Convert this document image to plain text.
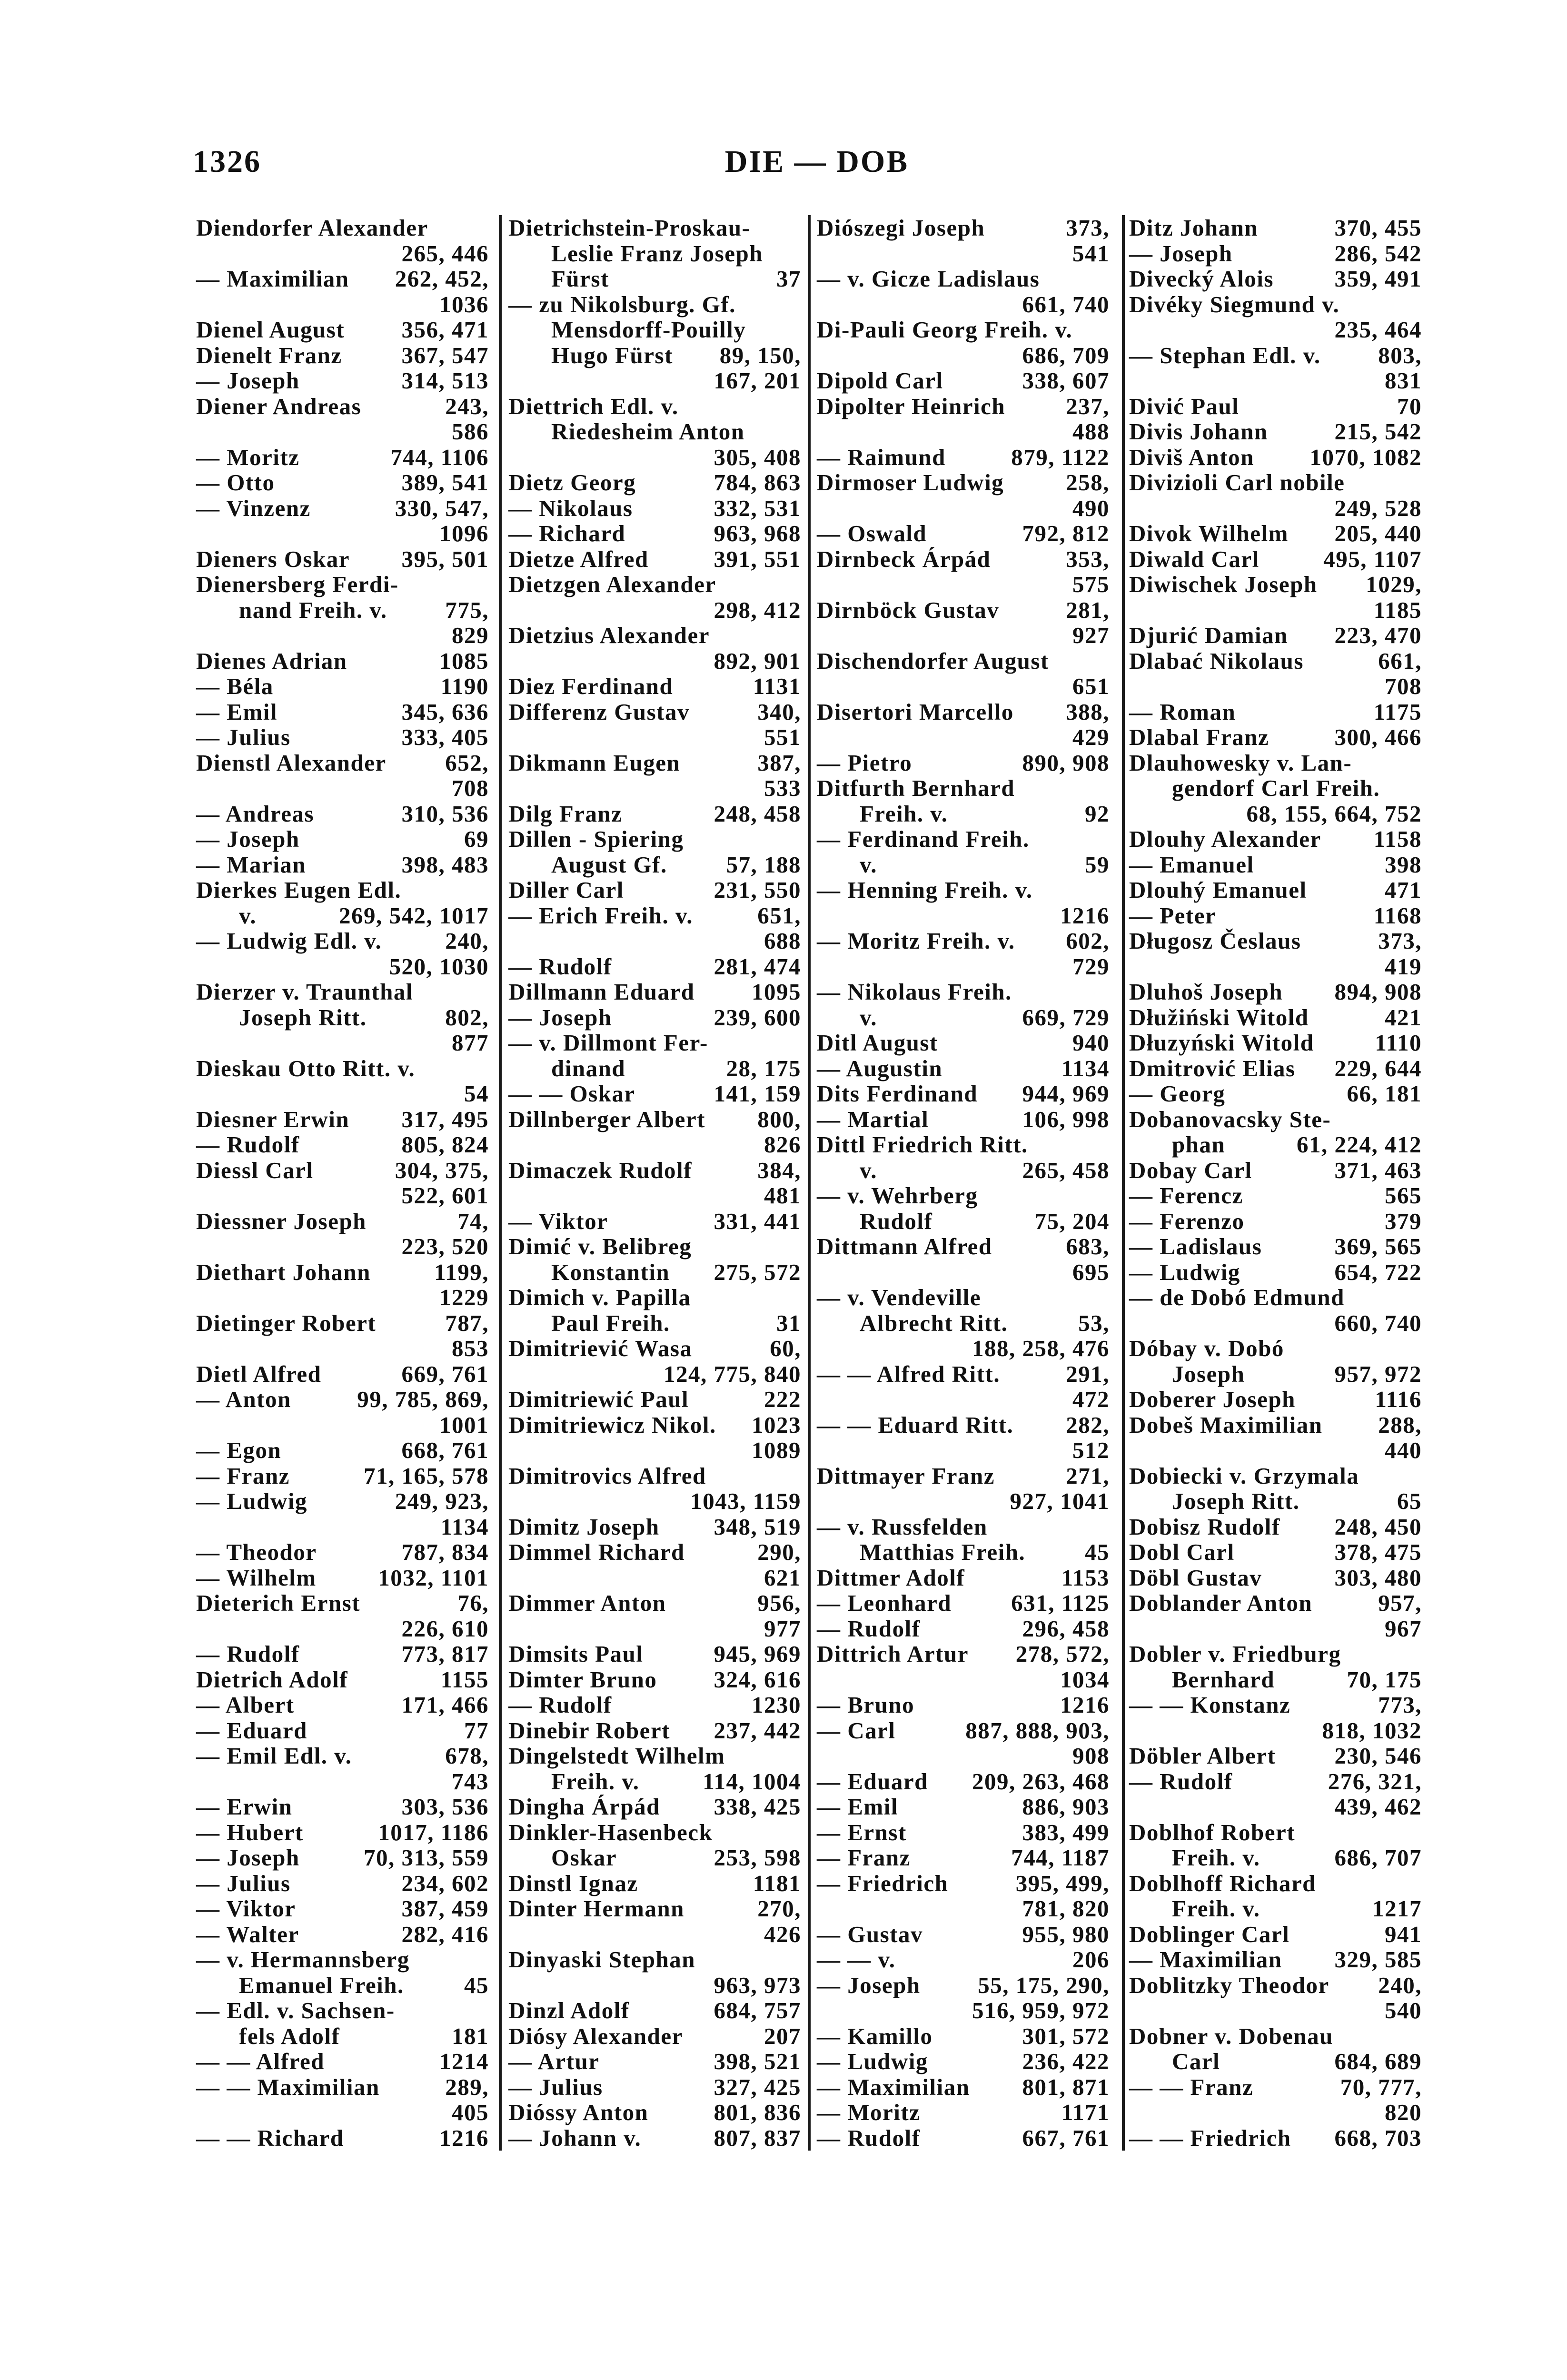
1326	DIE — DOB
Diendorfer Alexander
265, 446
— Maximilian 262, 452,
1036
Dienel August 356, 471
Dienelt Franz	367, 547
— Joseph	314, 513
Diener Andreas	243,
586
— Moritz	744, 1106
— Otto	389, 541
— Vinzenz	330, 547,
1096
Dieners Oskar 395, 501
Dienersberg Ferdi-
nand Freih. v. 775,
829
Dienes Adrian	1085
— Béla	1190
— Emil	345, 636
— Julius	333, 405
Dienstl Alexander	652,
708
— Andreas	310, 536
— Joseph	69
— Marian	398, 483
Dierkes Eugen Edl.
v.	269, 542, 1017
— Ludwig Edl. v.	240,
520, 1030
Dierzer v. Traunthal
Joseph Ritt.	802,
877
Dieskau Otto Ritt. v.
54
Diesner Erwin 317, 495
— Rudolf	805, 824
Diessl Carl	304, 375,
522, 601
Diessner Joseph	74,
223, 520
Diethart Johann	1199,
1229
Dietinger Robert	787,
853
Dietl Alfred	669, 761
— Anton	99, 785, 869,
1001
— Egon	668, 761
— Franz	71, 165, 578
— Ludwig	249, 923,
1134
— Theodor	787, 834
— Wilhelm	1032, 1101
Dieterich Ernst	76,
226, 610
— Rudolf	773, 817
Dietrich Adolf	1155
— Albert	171, 466
— Eduard	77
— Emil Edl. v.	678,
743
— Erwin	303, 536
— Hubert	1017, 1186
— Joseph	70, 313, 559
— Julius	234, 602
— Viktor	387, 459
— Walter	282, 416
— v. Hermannsberg
Emanuel Freih.	45
— Edl. v. Sachsen-
fels Adolf	181
— — Alfred	1214
— — Maximilian	289,
405
— — Richard	1216
Dietrichstein-Proskau-
Leslie Franz Joseph
Fürst	37
— zu Nikolsburg. Gf.
Mensdorff-Pouilly
Hugo Fürst 89, 150,
167, 201
Diettrich Edl. v.
Riedesheim Anton
305, 408
Dietz Georg	784, 863
— Nikolaus	332, 531
— Richard	963, 968
Dietze Alfred	391, 551
Dietzgen Alexander
298, 412
Dietzius Alexander
892, 901
Diez Ferdinand	1131
Differenz Gustav	340,
551
Dikmann Eugen	387,
533
Dilg Franz	248, 458
Dillen - Spiering
August Gf.	57, 188
Diller Carl	231, 550
— Erich Freih. v.	651,
688
— Rudolf	281, 474
Dillmann Eduard 1095
— Joseph	239, 600
— v. Dillmont Fer-
dinand	28, 175
— — Oskar	141, 159
Dillnberger Albert 800,
826
Dimaczek Rudolf	384,
481
— Viktor	331, 441
Dimić v. Belibreg
Konstantin 275, 572
Dimich v. Papilla
Paul Freih.	31
Dimitriević Wasa	60,
124, 775, 840
Dimitriewić Paul	222
Dimitriewicz Nikol. 1023
1089
Dimitrovics Alfred
1043, 1159
Dimitz Joseph 348, 519
Dimmel Richard	290,
621
Dimmer Anton	956,
977
Dimsits Paul	945, 969
Dimter Bruno 324, 616
— Rudolf	1230
Dinebir Robert 237, 442
Dingelstedt Wilhelm
Freih. v.	114, 1004
Dingha Árpád 338, 425
Dinkler-Hasenbeck
Oskar	253, 598
Dinstl Ignaz	1181
Dinter Hermann	270,
426
Dinyaski Stephan
963, 973
Dinzl Adolf	684, 757
Diósy Alexander	207
— Artur	398, 521
— Julius	327, 425
Dióssy Anton	801, 836
— Johann v.	807, 837
Diószegi Joseph	373,
541
— v. Gicze Ladislaus
661, 740
Di-Pauli Georg Freih. v.
686, 709
Dipold Carl	338, 607
Dipolter Heinrich	237,
488
— Raimund	879, 1122
Dirmoser Ludwig	258,
490
— Oswald	792, 812
Dirnbeck Árpád	353,
575
Dirnböck Gustav	281,
927
Dischendorfer August
651
Disertori Marcello 388,
429
— Pietro	890, 908
Ditfurth Bernhard
Freih. v.	92
— Ferdinand Freih.
v.	59
— Henning Freih. v.
1216
— Moritz Freih. v. 602,
729
— Nikolaus Freih.
v.	669, 729
Ditl August	940
— Augustin	1134
Dits Ferdinand 944, 969
— Martial	106, 998
Dittl Friedrich Ritt.
v.	265, 458
— v. Wehrberg
Rudolf	75, 204
Dittmann Alfred	683,
695
— v. Vendeville
Albrecht Ritt.	53,
188, 258, 476
— — Alfred Ritt.	291,
472
— — Eduard Ritt. 282,
512
Dittmayer Franz	271,
927, 1041
— v. Russfelden
Matthias Freih.	45
Dittmer Adolf	1153
— Leonhard	631, 1125
— Rudolf	296, 458
Dittrich Artur 278, 572,
1034
— Bruno	1216
— Carl	887, 888, 903,
908
— Eduard 209, 263, 468
— Emil	886, 903
— Ernst	383, 499
— Franz	744, 1187
— Friedrich	395, 499,
781, 820
— Gustav	955, 980
— — v.	206
— Joseph 55, 175, 290,
516, 959, 972
— Kamillo	301, 572
— Ludwig	236, 422
— Maximilian 801, 871
— Moritz	1171
— Rudolf	667, 761
Ditz Johann	370, 455
— Joseph	286, 542
Divecký Alois	359, 491
Divéky Siegmund v.
235, 464
— Stephan Edl. v. 803,
831
Divić Paul	70
Divis Johann	215, 542
Diviš Anton 1070, 1082
Divizioli Carl nobile
249, 528
Divok Wilhelm 205, 440
Diwald Carl	495, 1107
Diwischek Joseph 1029,
1185
Djurić Damian 223, 470
Dlabać Nikolaus	661,
708
— Roman	1175
Dlabal Franz	300, 466
Dlauhowesky v. Lan-
gendorf Carl Freih.
68, 155, 664, 752
Dlouhy Alexander 1158
— Emanuel	398
Dlouhý Emanuel	471
— Peter	1168
Długosz Česlaus	373,
419
Dluhoš Joseph 894, 908
Dłužiński Witold	421
Dłuzyński Witold	1110
Dmitrović Elias 229, 644
— Georg	66, 181
Dobanovacsky Ste-
phan	61, 224, 412
Dobay Carl	371, 463
— Ferencz	565
— Ferenzo	379
— Ladislaus	369, 565
— Ludwig	654, 722
— de Dobó Edmund
660, 740
Dóbay v. Dobó
Joseph	957, 972
Doberer Joseph	1116
Dobeš Maximilian 288,
440
Dobiecki v. Grzymala
Joseph Ritt.	65
Dobisz Rudolf 248, 450
Dobl Carl	378, 475
Döbl Gustav	303, 480
Doblander Anton	957,
967
Dobler v. Friedburg
Bernhard	70, 175
— — Konstanz	773,
818, 1032
Döbler Albert	230, 546
— Rudolf	276, 321,
439, 462
Doblhof Robert
Freih. v.	686, 707
Doblhoff Richard
Freih. v.	1217
Doblinger Carl	941
— Maximilian 329, 585
Doblitzky Theodor 240,
540
Dobner v. Dobenau
Carl	684, 689
— — Franz	70, 777,
820
— — Friedrich 668, 703
